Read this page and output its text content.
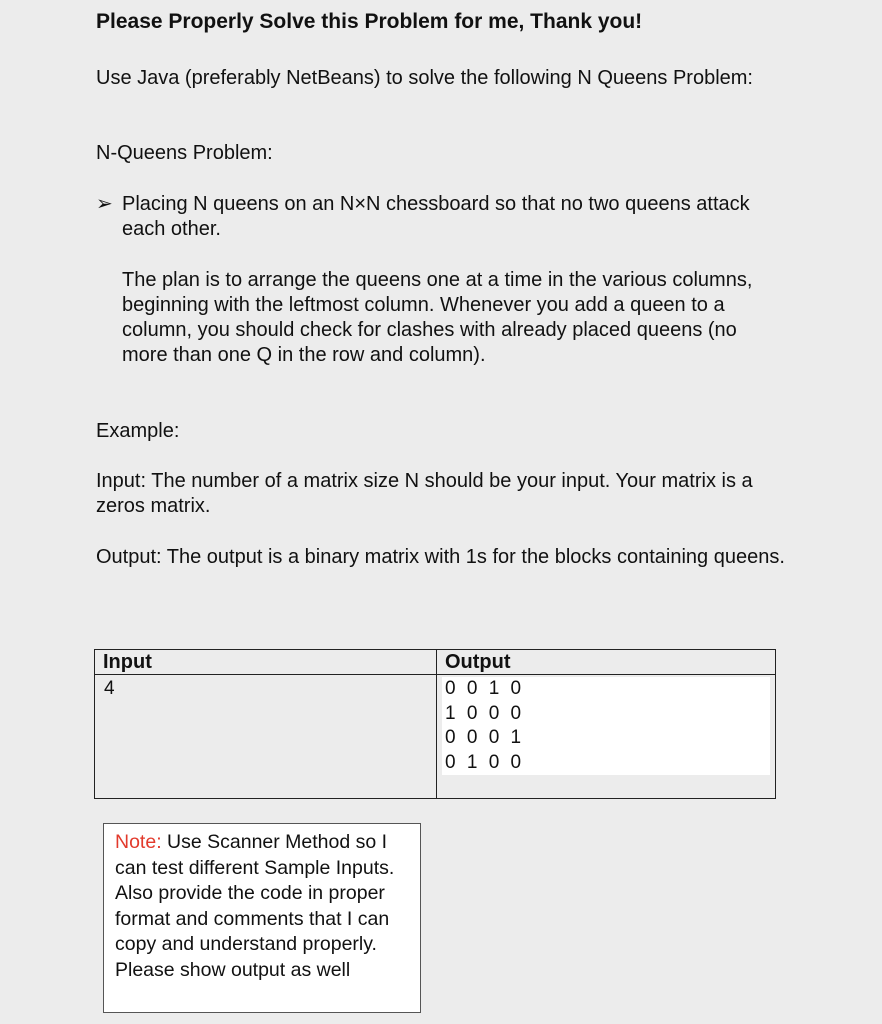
Please Properly Solve this Problem for me, Thank you!
Use Java (preferably NetBeans) to solve the following N Queens Problem:
N-Queens Problem:
➢ Placing N queens on an N×N chessboard so that no two queens attack each other.
The plan is to arrange the queens one at a time in the various columns, beginning with the leftmost column. Whenever you add a queen to a column, you should check for clashes with already placed queens (no more than one Q in the row and column).
Example:
Input: The number of a matrix size N should be your input. Your matrix is a zeros matrix.
Output: The output is a binary matrix with 1s for the blocks containing queens.
Input	Output
4	0 0 1 0
1 0 0 0
0 0 0 1
0 1 0 0
Note: Use Scanner Method so I can test different Sample Inputs. Also provide the code in proper format and comments that I can copy and understand properly. Please show output as well
